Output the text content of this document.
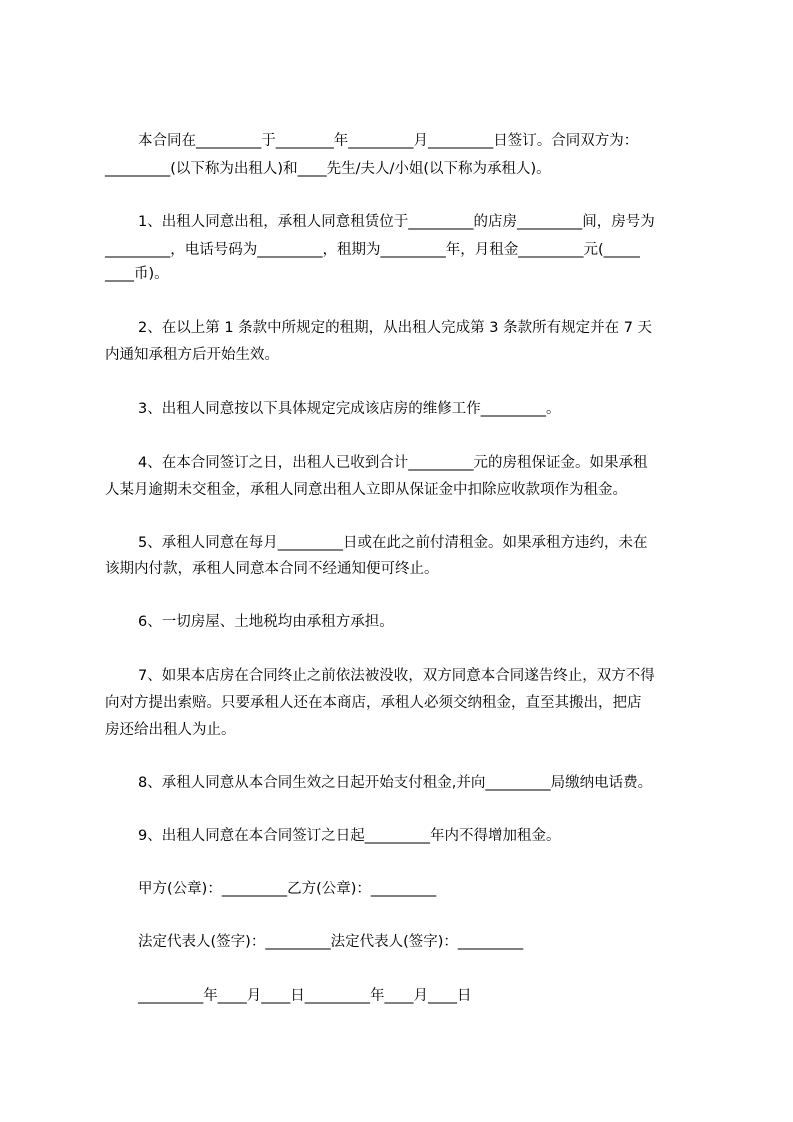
本合同在_________于________年_________月_________日签订。合同双方为：
_________(以下称为出租人)和____先生/夫人/小姐(以下称为承租人)。
1、出租人同意出租，承租人同意租赁位于_________的店房_________间，房号为
_________，电话号码为_________，租期为_________年，月租金_________元(_____
____币)。
2、在以上第 1 条款中所规定的租期，从出租人完成第 3 条款所有规定并在 7 天
内通知承租方后开始生效。
3、出租人同意按以下具体规定完成该店房的维修工作_________。
4、在本合同签订之日，出租人已收到合计_________元的房租保证金。如果承租
人某月逾期未交租金，承租人同意出租人立即从保证金中扣除应收款项作为租金。
5、承租人同意在每月_________日或在此之前付清租金。如果承租方违约，未在
该期内付款，承租人同意本合同不经通知便可终止。
6、一切房屋、土地税均由承租方承担。
7、如果本店房在合同终止之前依法被没收，双方同意本合同遂告终止，双方不得
向对方提出索赔。只要承租人还在本商店，承租人必须交纳租金，直至其搬出，把店
房还给出租人为止。
8、承租人同意从本合同生效之日起开始支付租金,并向_________局缴纳电话费。
9、出租人同意在本合同签订之日起_________年内不得增加租金。
甲方(公章)：_________乙方(公章)：_________
法定代表人(签字)：_________法定代表人(签字)：_________
_________年____月____日_________年____月____日
